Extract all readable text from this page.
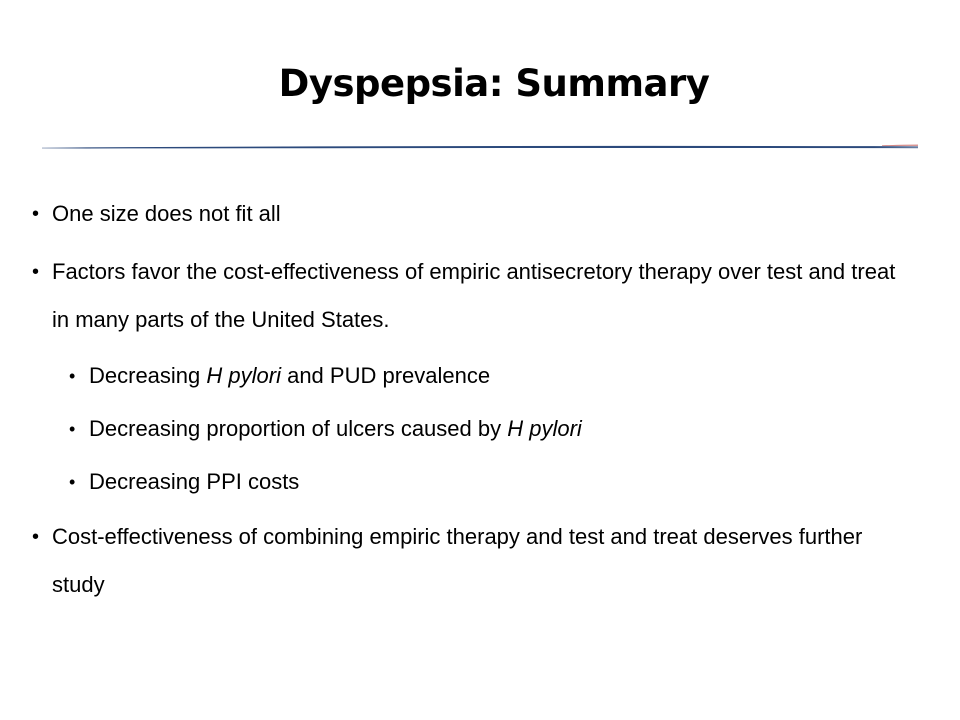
Dyspepsia: Summary
• One size does not fit all
• Factors favor the cost-effectiveness of empiric antisecretory therapy over test and treat in many parts of the United States.
• Decreasing H pylori and PUD prevalence
• Decreasing proportion of ulcers caused by H pylori
• Decreasing PPI costs
• Cost-effectiveness of combining empiric therapy and test and treat deserves further study
